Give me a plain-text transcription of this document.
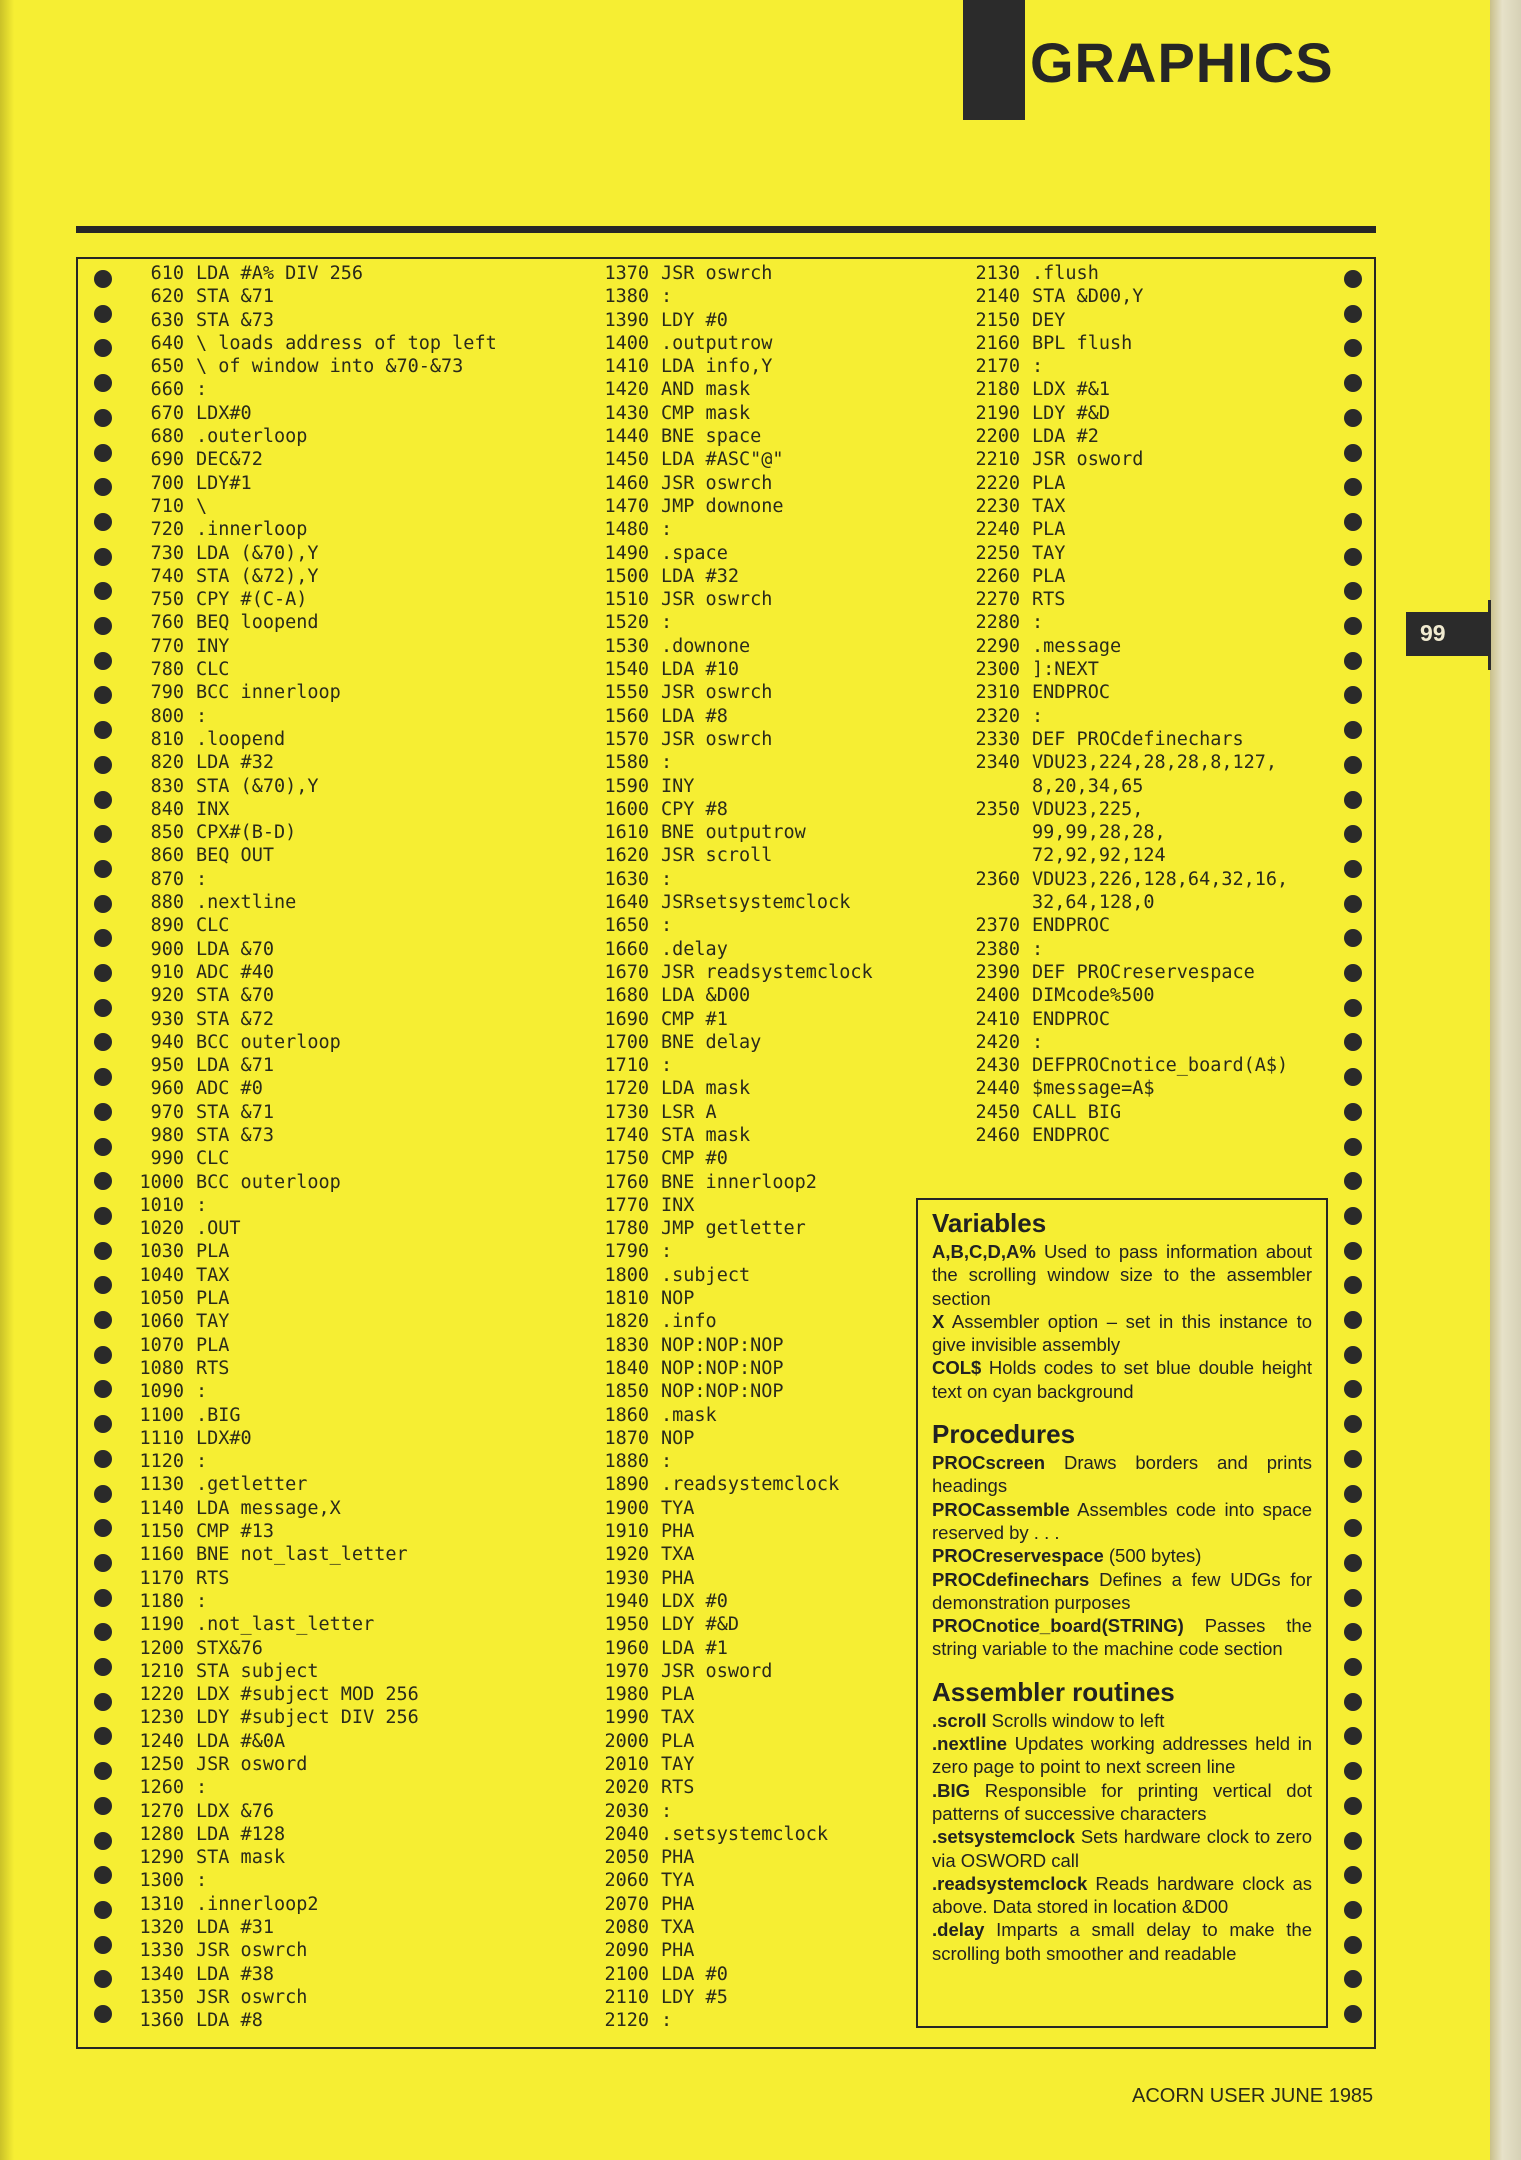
GRAPHICS
610 LDA #A% DIV 256
620 STA &71
630 STA &73
640 \ loads address of top left
650 \ of window into &70-&73
660 :
670 LDX#0
680 .outerloop
690 DEC&72
700 LDY#1
710 \
720 .innerloop
730 LDA (&70),Y
740 STA (&72),Y
750 CPY #(C-A)
760 BEQ loopend
770 INY
780 CLC
790 BCC innerloop
800 :
810 .loopend
820 LDA #32
830 STA (&70),Y
840 INX
850 CPX#(B-D)
860 BEQ OUT
870 :
880 .nextline
890 CLC
900 LDA &70
910 ADC #40
920 STA &70
930 STA &72
940 BCC outerloop
950 LDA &71
960 ADC #0
970 STA &71
980 STA &73
990 CLC
1000 BCC outerloop
1010 :
1020 .OUT
1030 PLA
1040 TAX
1050 PLA
1060 TAY
1070 PLA
1080 RTS
1090 :
1100 .BIG
1110 LDX#0
1120 :
1130 .getletter
1140 LDA message,X
1150 CMP #13
1160 BNE not_last_letter
1170 RTS
1180 :
1190 .not_last_letter
1200 STX&76
1210 STA subject
1220 LDX #subject MOD 256
1230 LDY #subject DIV 256
1240 LDA #&0A
1250 JSR osword
1260 :
1270 LDX &76
1280 LDA #128
1290 STA mask
1300 :
1310 .innerloop2
1320 LDA #31
1330 JSR oswrch
1340 LDA #38
1350 JSR oswrch
1360 LDA #8
1370 JSR oswrch
1380 :
1390 LDY #0
1400 .outputrow
1410 LDA info,Y
1420 AND mask
1430 CMP mask
1440 BNE space
1450 LDA #ASC"@"
1460 JSR oswrch
1470 JMP downone
1480 :
1490 .space
1500 LDA #32
1510 JSR oswrch
1520 :
1530 .downone
1540 LDA #10
1550 JSR oswrch
1560 LDA #8
1570 JSR oswrch
1580 :
1590 INY
1600 CPY #8
1610 BNE outputrow
1620 JSR scroll
1630 :
1640 JSRsetsystemclock
1650 :
1660 .delay
1670 JSR readsystemclock
1680 LDA &D00
1690 CMP #1
1700 BNE delay
1710 :
1720 LDA mask
1730 LSR A
1740 STA mask
1750 CMP #0
1760 BNE innerloop2
1770 INX
1780 JMP getletter
1790 :
1800 .subject
1810 NOP
1820 .info
1830 NOP:NOP:NOP
1840 NOP:NOP:NOP
1850 NOP:NOP:NOP
1860 .mask
1870 NOP
1880 :
1890 .readsystemclock
1900 TYA
1910 PHA
1920 TXA
1930 PHA
1940 LDX #0
1950 LDY #&D
1960 LDA #1
1970 JSR osword
1980 PLA
1990 TAX
2000 PLA
2010 TAY
2020 RTS
2030 :
2040 .setsystemclock
2050 PHA
2060 TYA
2070 PHA
2080 TXA
2090 PHA
2100 LDA #0
2110 LDY #5
2120 :
2130 .flush
2140 STA &D00,Y
2150 DEY
2160 BPL flush
2170 :
2180 LDX #&1
2190 LDY #&D
2200 LDA #2
2210 JSR osword
2220 PLA
2230 TAX
2240 PLA
2250 TAY
2260 PLA
2270 RTS
2280 :
2290 .message
2300 ]:NEXT
2310 ENDPROC
2320 :
2330 DEF PROCdefinechars
2340 VDU23,224,28,28,8,127,
8,20,34,65
2350 VDU23,225,
99,99,28,28,
72,92,92,124
2360 VDU23,226,128,64,32,16,
32,64,128,0
2370 ENDPROC
2380 :
2390 DEF PROCreservespace
2400 DIMcode%500
2410 ENDPROC
2420 :
2430 DEFPROCnotice_board(A$)
2440 $message=A$
2450 CALL BIG
2460 ENDPROC
Variables

A,B,C,D,A% Used to pass information about the scrolling window size to the assembler section

X Assembler option – set in this instance to give invisible assembly

COL$ Holds codes to set blue double height text on cyan background

Procedures

PROCscreen Draws borders and prints headings

PROCassemble Assembles code into space reserved by . . .

PROCreservespace (500 bytes)

PROCdefinechars Defines a few UDGs for demonstration purposes

PROCnotice_board(STRING) Passes the string variable to the machine code section

Assembler routines

.scroll Scrolls window to left

.nextline Updates working addresses held in zero page to point to next screen line

.BIG Responsible for printing vertical dot patterns of successive characters

.setsystemclock Sets hardware clock to zero via OSWORD call

.readsystemclock Reads hardware clock as above. Data stored in location &D00

.delay Imparts a small delay to make the scrolling both smoother and readable

99
ACORN USER JUNE 1985
